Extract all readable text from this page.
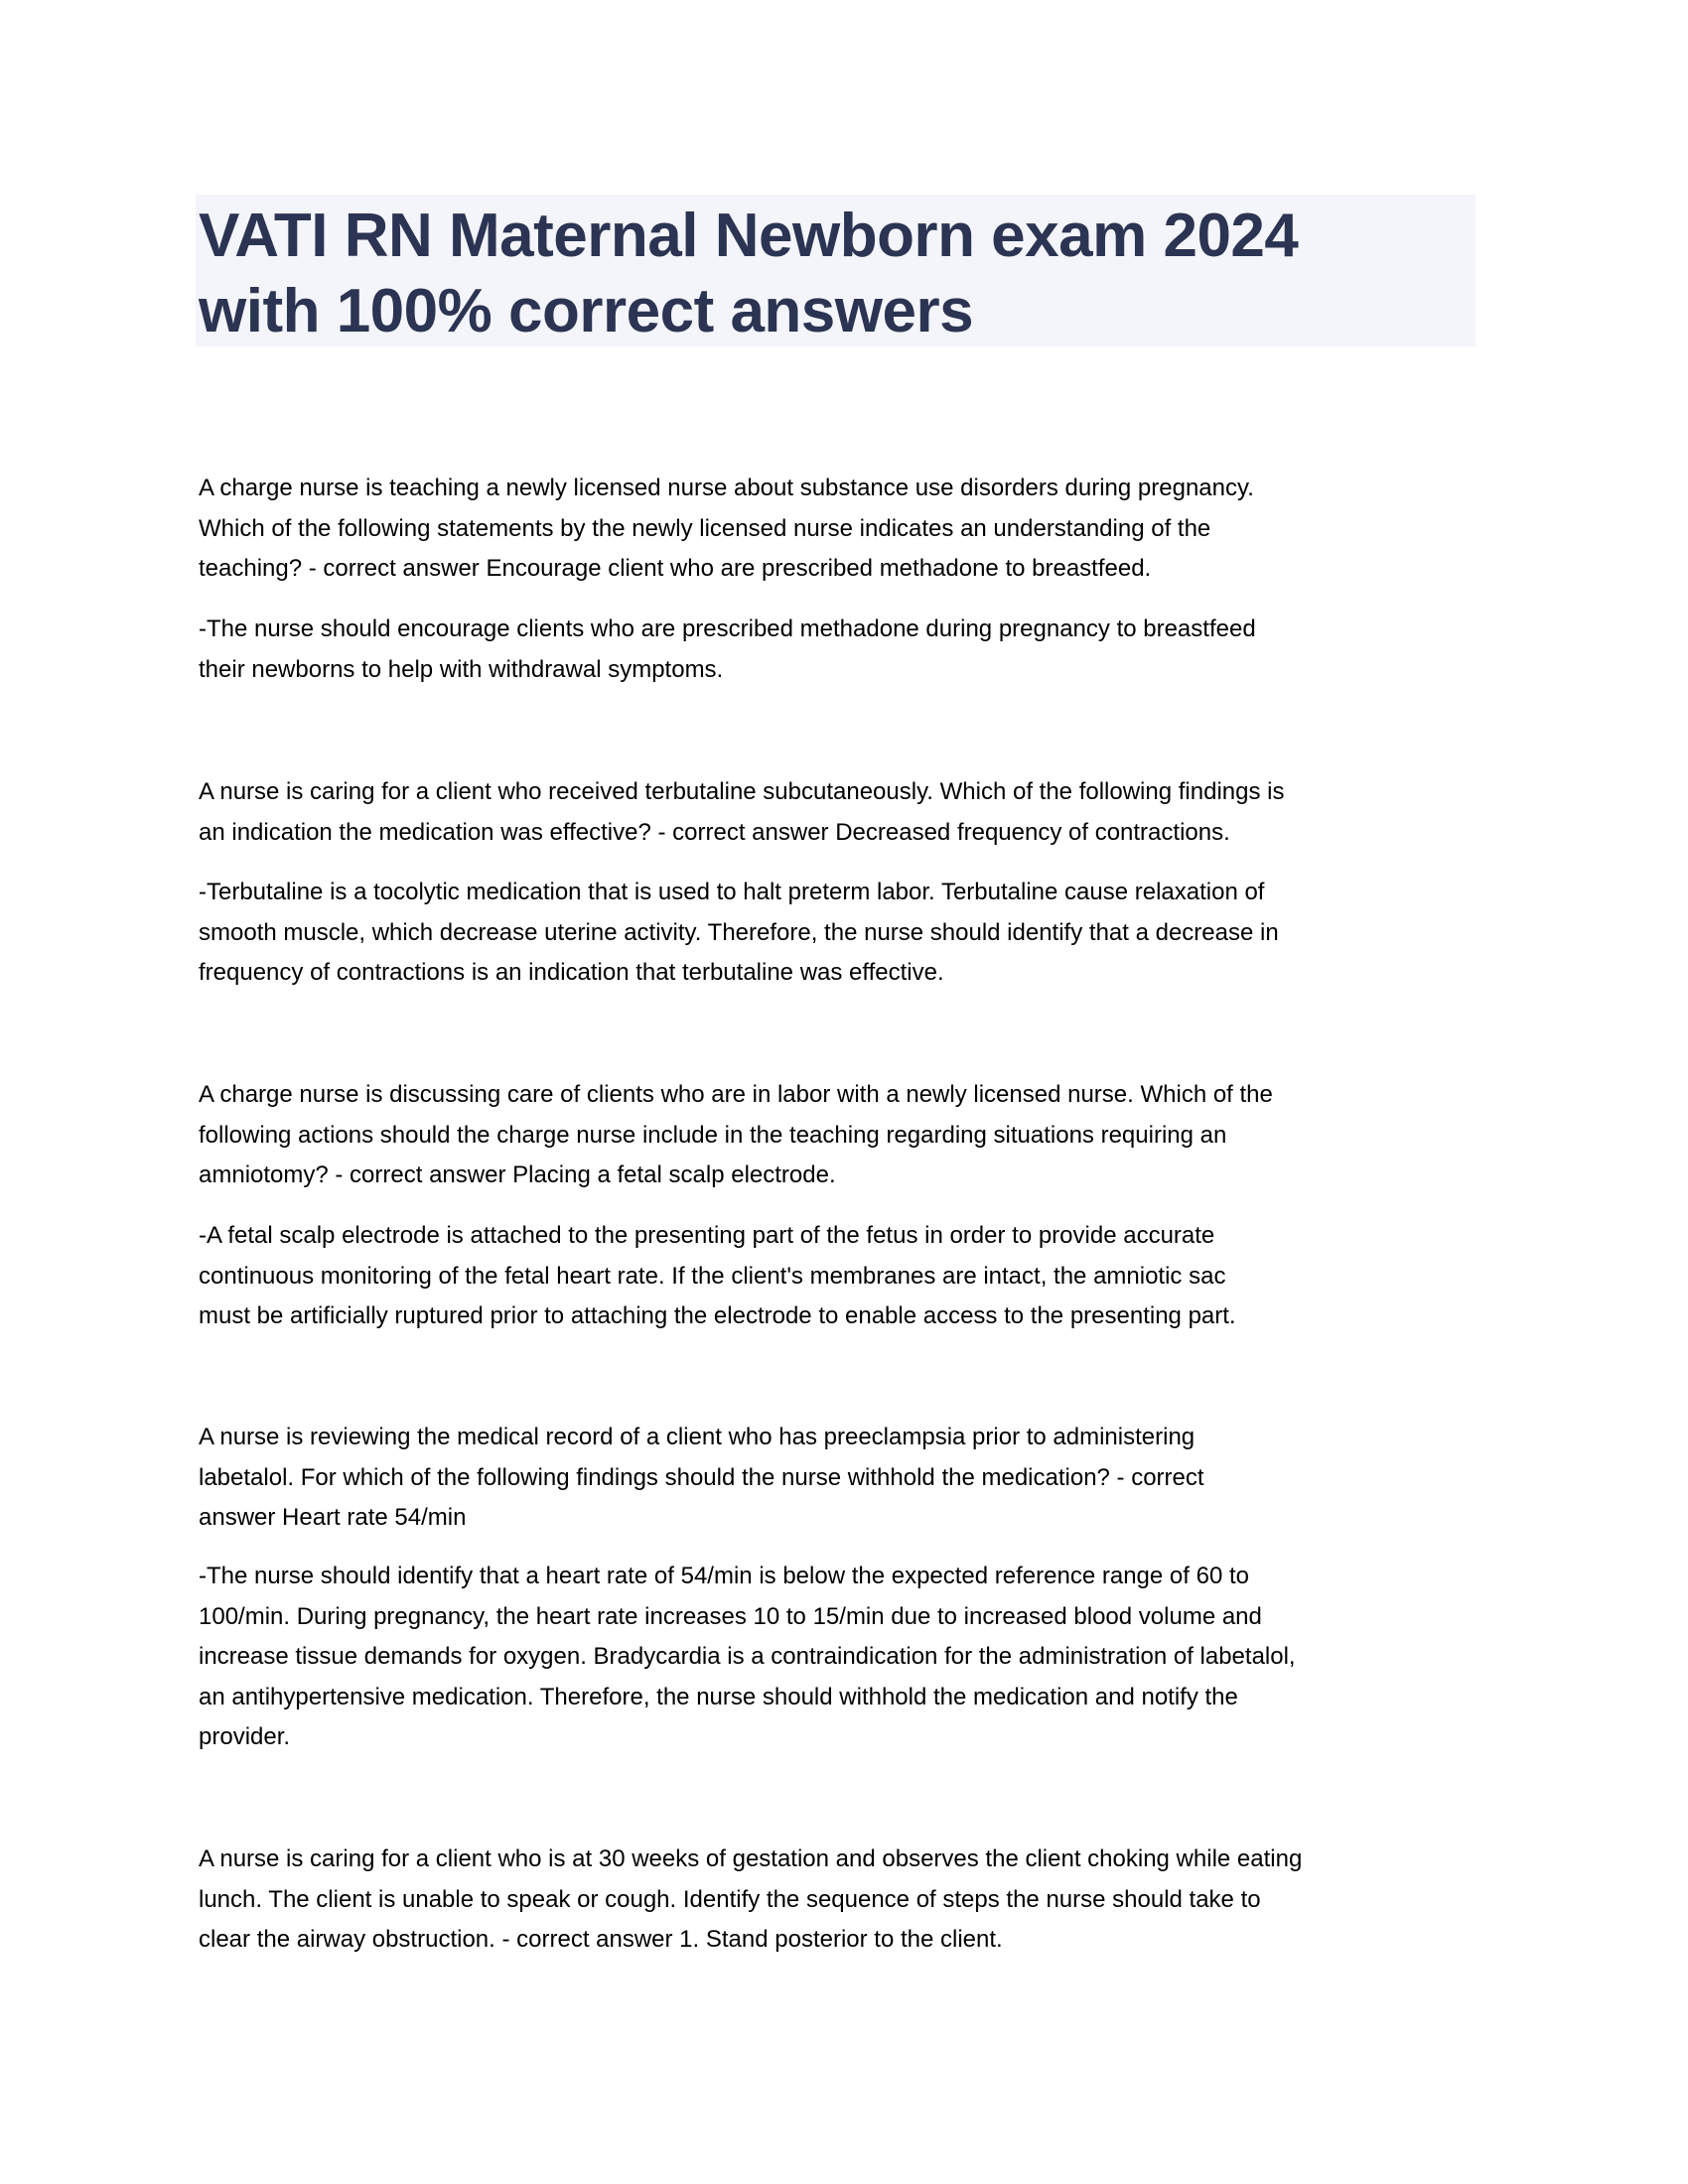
VATI RN Maternal Newborn exam 2024
with 100% correct answers

A charge nurse is teaching a newly licensed nurse about substance use disorders during pregnancy.
Which of the following statements by the newly licensed nurse indicates an understanding of the
teaching? - correct answer Encourage client who are prescribed methadone to breastfeed.

-The nurse should encourage clients who are prescribed methadone during pregnancy to breastfeed
their newborns to help with withdrawal symptoms.

A nurse is caring for a client who received terbutaline subcutaneously. Which of the following findings is
an indication the medication was effective? - correct answer Decreased frequency of contractions.

-Terbutaline is a tocolytic medication that is used to halt preterm labor. Terbutaline cause relaxation of
smooth muscle, which decrease uterine activity. Therefore, the nurse should identify that a decrease in
frequency of contractions is an indication that terbutaline was effective.

A charge nurse is discussing care of clients who are in labor with a newly licensed nurse. Which of the
following actions should the charge nurse include in the teaching regarding situations requiring an
amniotomy? - correct answer Placing a fetal scalp electrode.

-A fetal scalp electrode is attached to the presenting part of the fetus in order to provide accurate
continuous monitoring of the fetal heart rate. If the client's membranes are intact, the amniotic sac
must be artificially ruptured prior to attaching the electrode to enable access to the presenting part.

A nurse is reviewing the medical record of a client who has preeclampsia prior to administering
labetalol. For which of the following findings should the nurse withhold the medication? - correct
answer Heart rate 54/min

-The nurse should identify that a heart rate of 54/min is below the expected reference range of 60 to
100/min. During pregnancy, the heart rate increases 10 to 15/min due to increased blood volume and
increase tissue demands for oxygen. Bradycardia is a contraindication for the administration of labetalol,
an antihypertensive medication. Therefore, the nurse should withhold the medication and notify the
provider.

A nurse is caring for a client who is at 30 weeks of gestation and observes the client choking while eating
lunch. The client is unable to speak or cough. Identify the sequence of steps the nurse should take to
clear the airway obstruction. - correct answer 1. Stand posterior to the client.
